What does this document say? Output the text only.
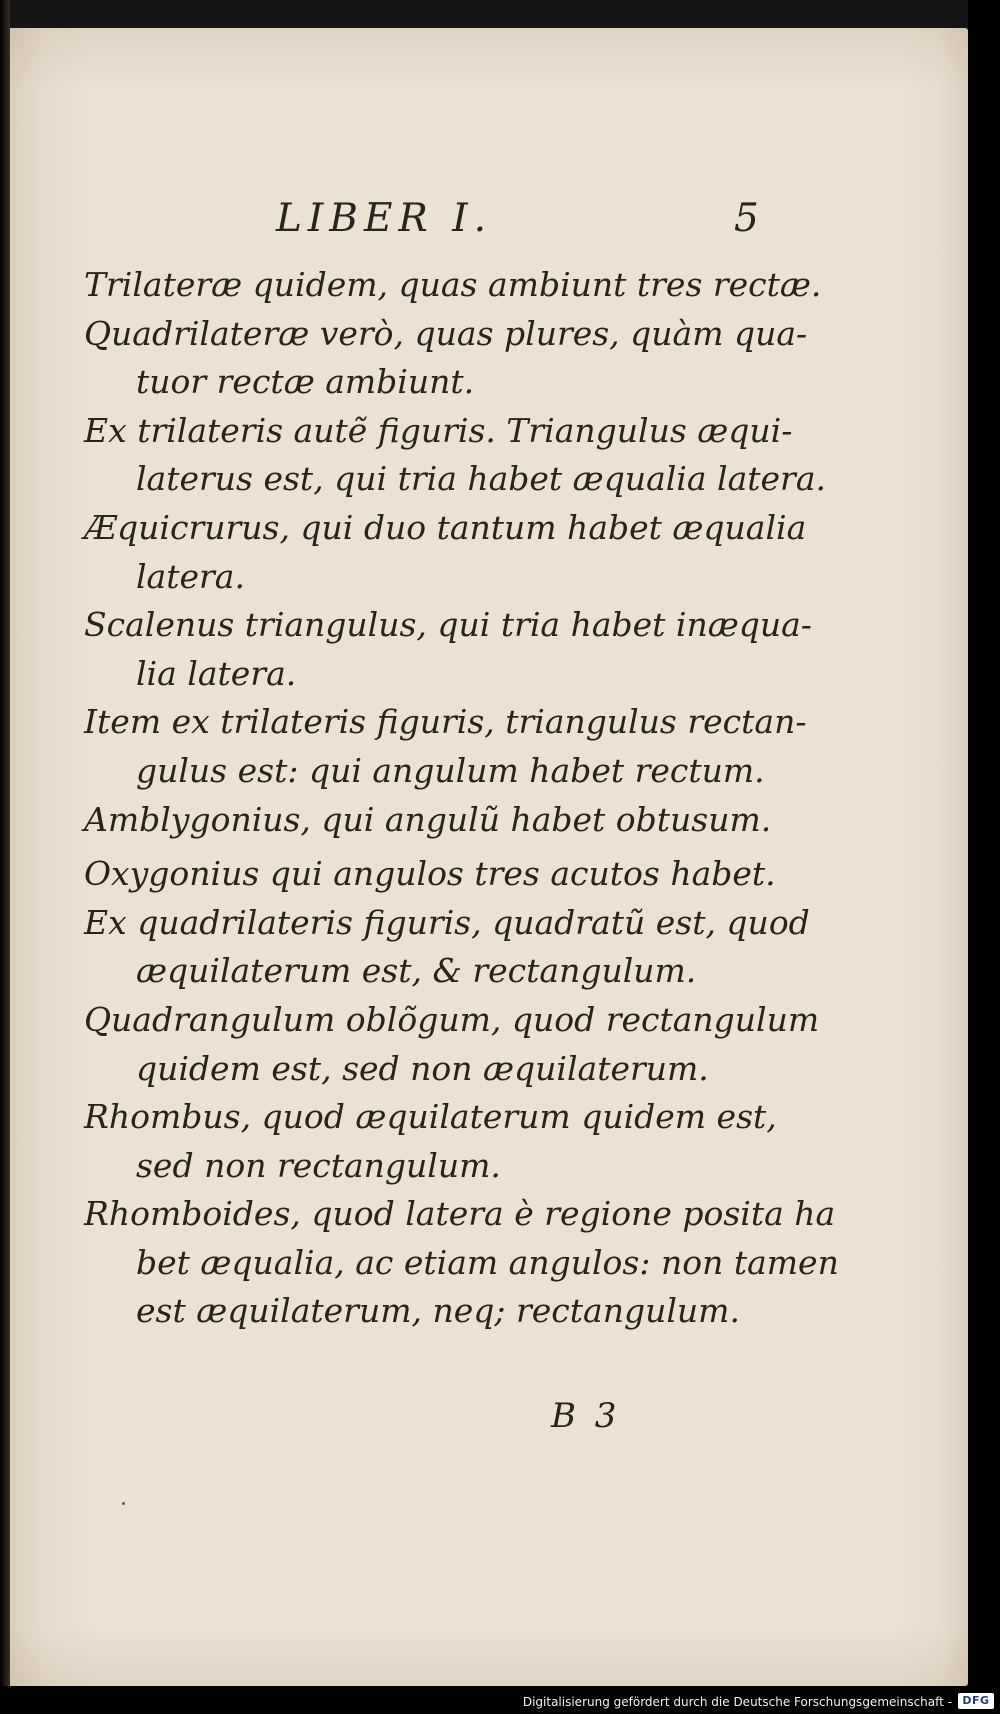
LIBER I.	5
Trilateræ quidem, quas ambiunt tres rectæ.
Quadrilateræ verò, quas plures, quàm qua-
tuor rectæ ambiunt.
Ex trilateris autẽ figuris. Triangulus æqui-
laterus est, qui tria habet æqualia latera.
Æquicrurus, qui duo tantum habet æqualia
latera.
Scalenus triangulus, qui tria habet inæqua-
lia latera.
Item ex trilateris figuris, triangulus rectan-
gulus est: qui angulum habet rectum.
Amblygonius, qui angulũ habet obtusum.
Oxygonius qui angulos tres acutos habet.
Ex quadrilateris figuris, quadratũ est, quod
æquilaterum est, & rectangulum.
Quadrangulum oblõgum, quod rectangulum
quidem est, sed non æquilaterum.
Rhombus, quod æquilaterum quidem est,
sed non rectangulum.
Rhomboides, quod latera è regione posita ha
bet æqualia, ac etiam angulos: non tamen
est æquilaterum, neq; rectangulum.
B 3
Digitalisierung gefördert durch die Deutsche Forschungsgemeinschaft - DFG
